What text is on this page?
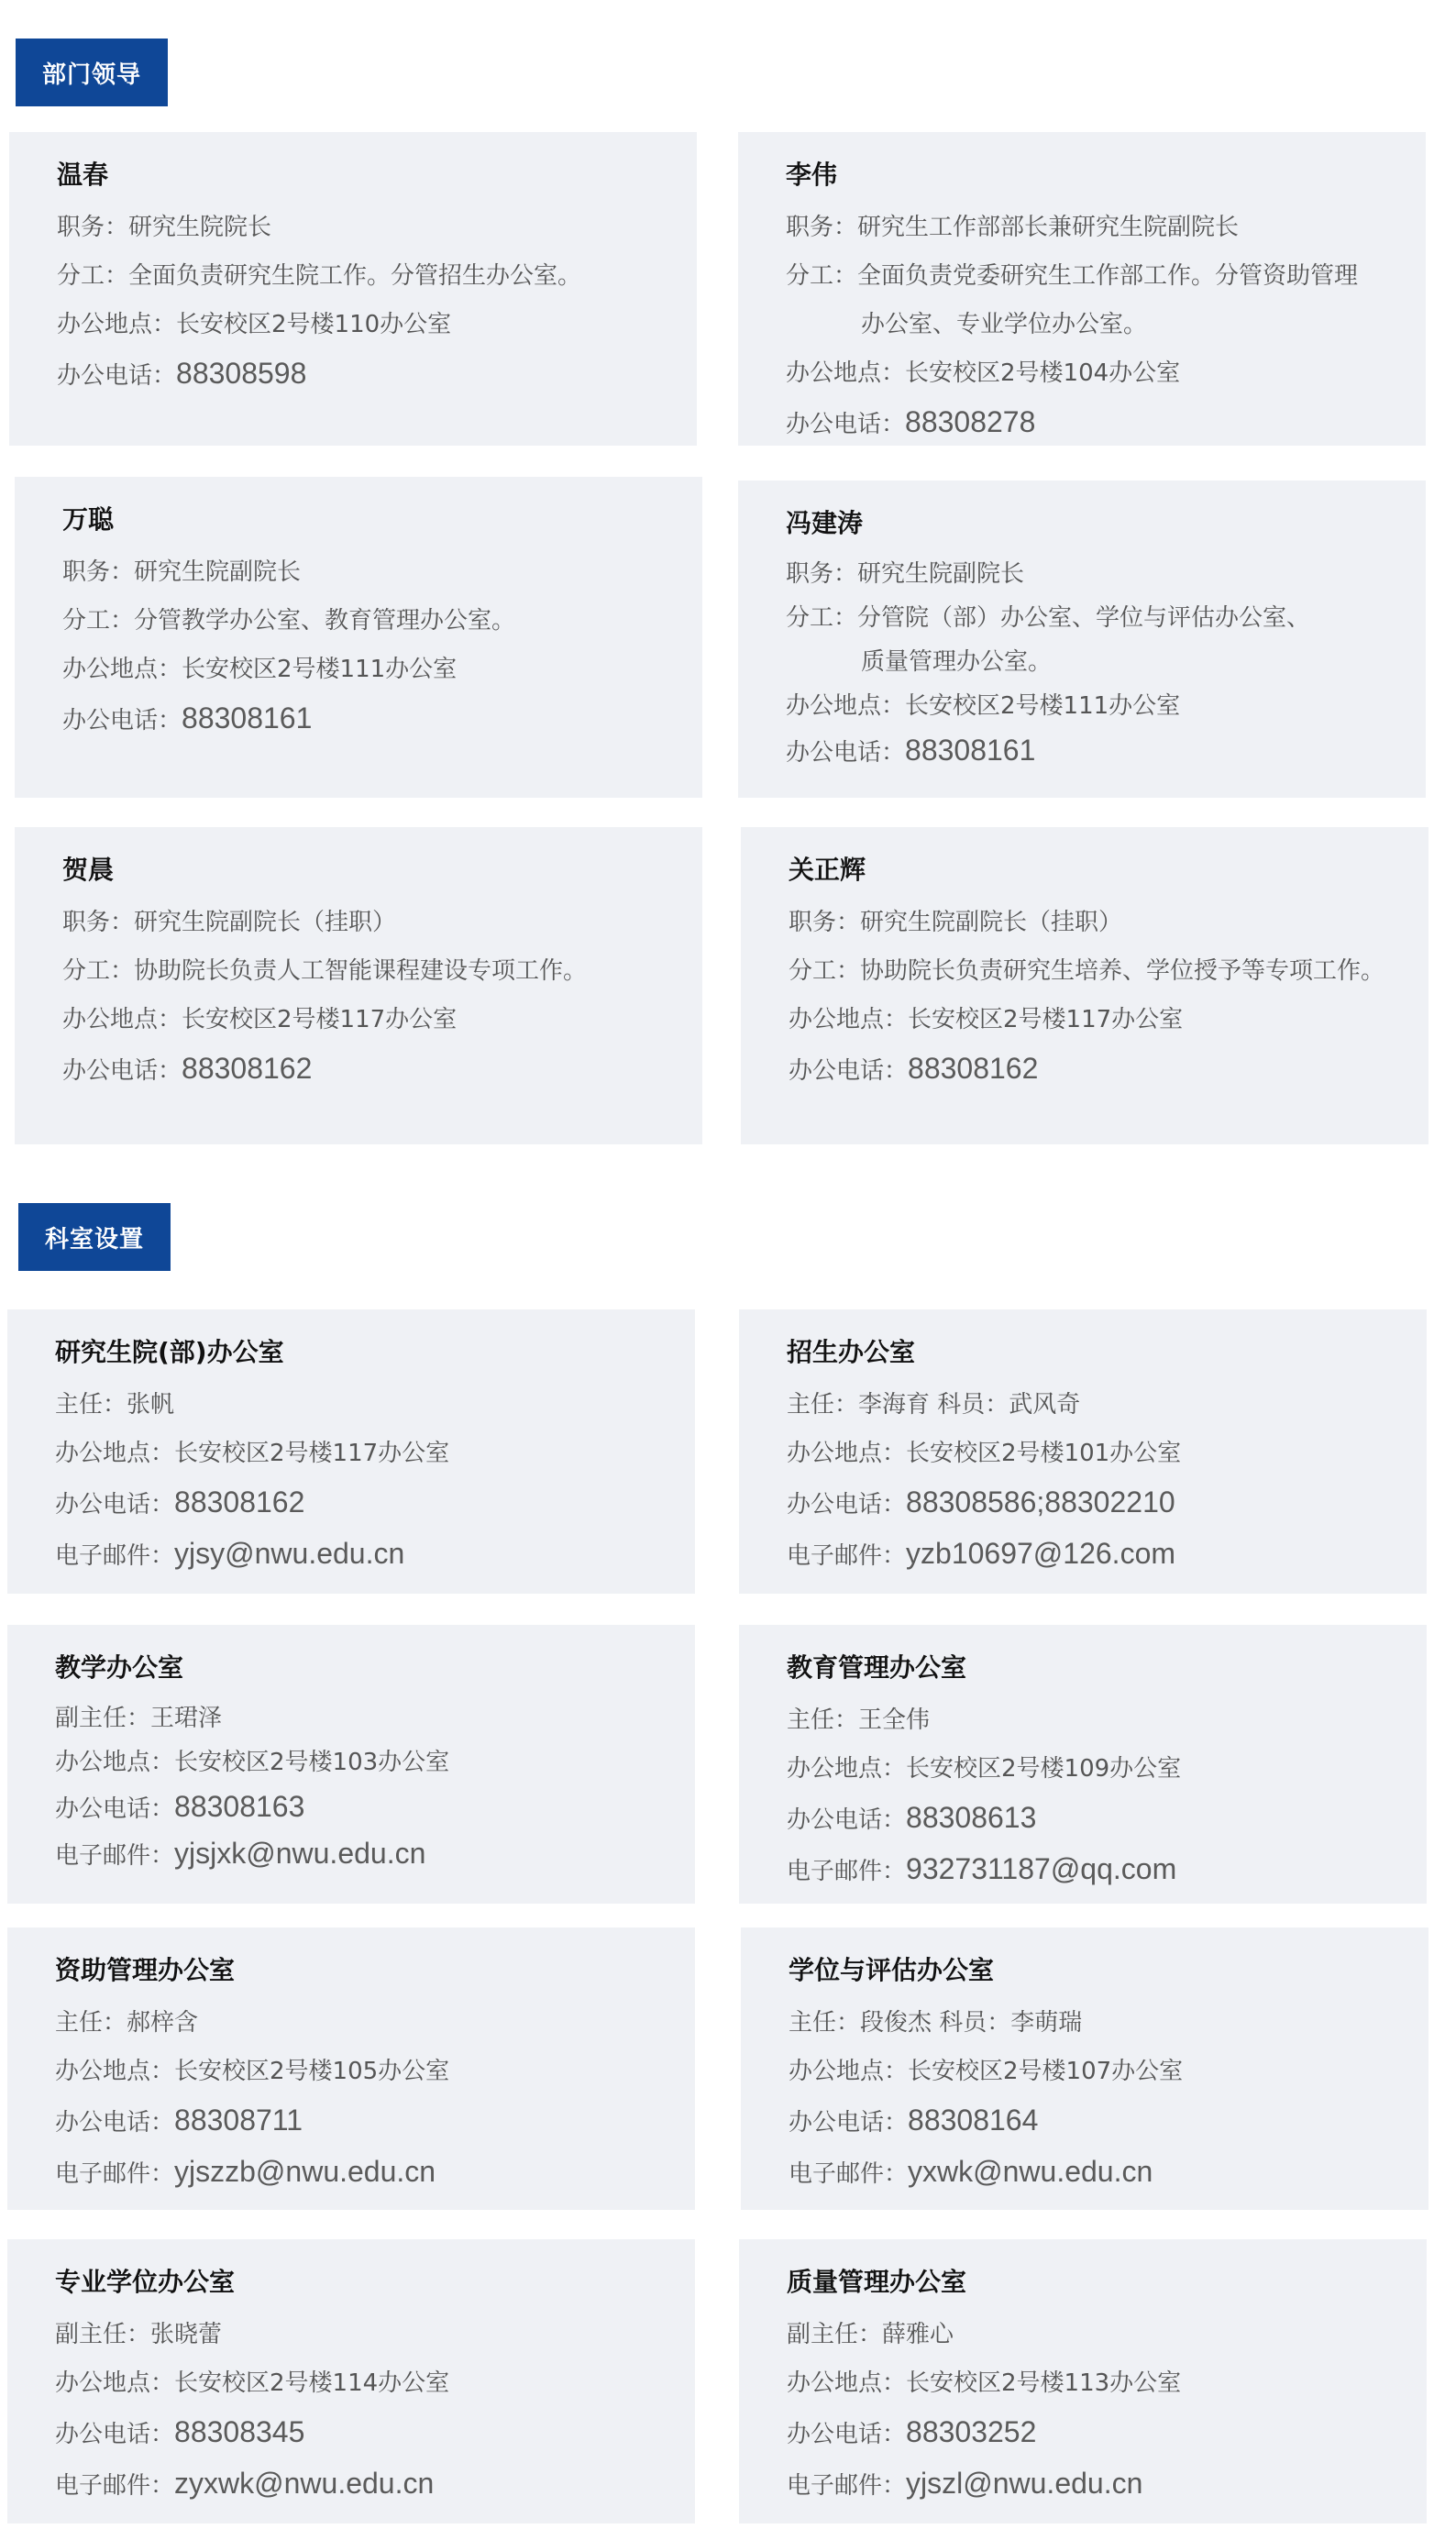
部门领导
温春
职务：研究生院院长
分工：全面负责研究生院工作。分管招生办公室。
办公地点：长安校区2号楼110办公室
办公电话：88308598
李伟
职务：研究生工作部部长兼研究生院副院长
分工：全面负责党委研究生工作部工作。分管资助管理
办公室、专业学位办公室。
办公地点：长安校区2号楼104办公室
办公电话：88308278
万聪
职务：研究生院副院长
分工：分管教学办公室、教育管理办公室。
办公地点：长安校区2号楼111办公室
办公电话：88308161
冯建涛
职务：研究生院副院长
分工：分管院（部）办公室、学位与评估办公室、
质量管理办公室。
办公地点：长安校区2号楼111办公室
办公电话：88308161
贺晨
职务：研究生院副院长（挂职）
分工：协助院长负责人工智能课程建设专项工作。
办公地点：长安校区2号楼117办公室
办公电话：88308162
关正辉
职务：研究生院副院长（挂职）
分工：协助院长负责研究生培养、学位授予等专项工作。
办公地点：长安校区2号楼117办公室
办公电话：88308162
科室设置
研究生院(部)办公室
主任：张帆
办公地点：长安校区2号楼117办公室
办公电话：88308162
电子邮件：yjsy@nwu.edu.cn
招生办公室
主任：李海育 科员：武风奇
办公地点：长安校区2号楼101办公室
办公电话：88308586;88302210
电子邮件：yzb10697@126.com
教学办公室
副主任：王珺泽
办公地点：长安校区2号楼103办公室
办公电话：88308163
电子邮件：yjsjxk@nwu.edu.cn
教育管理办公室
主任：王全伟
办公地点：长安校区2号楼109办公室
办公电话：88308613
电子邮件：932731187@qq.com
资助管理办公室
主任：郝梓含
办公地点：长安校区2号楼105办公室
办公电话：88308711
电子邮件：yjszzb@nwu.edu.cn
学位与评估办公室
主任：段俊杰 科员：李萌瑞
办公地点：长安校区2号楼107办公室
办公电话：88308164
电子邮件：yxwk@nwu.edu.cn
专业学位办公室
副主任：张晓蕾
办公地点：长安校区2号楼114办公室
办公电话：88308345
电子邮件：zyxwk@nwu.edu.cn
质量管理办公室
副主任：薛雅心
办公地点：长安校区2号楼113办公室
办公电话：88303252
电子邮件：yjszl@nwu.edu.cn
